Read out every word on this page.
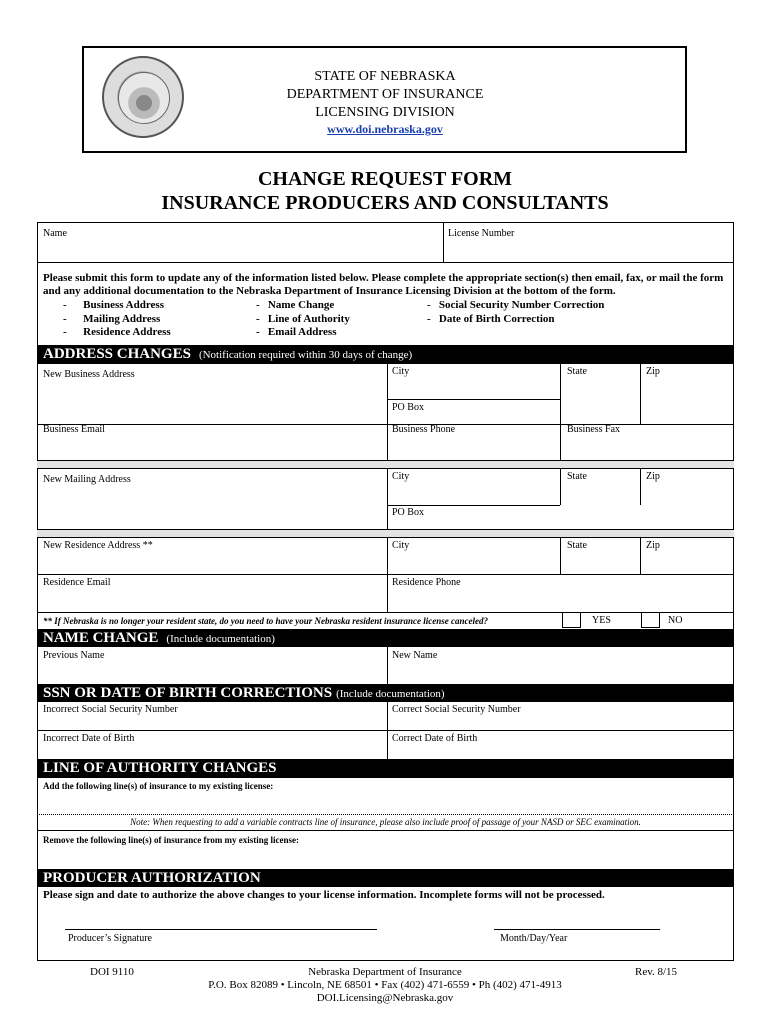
STATE OF NEBRASKA
DEPARTMENT OF INSURANCE
LICENSING DIVISION
www.doi.nebraska.gov
CHANGE REQUEST FORM
INSURANCE PRODUCERS AND CONSULTANTS
Name	License Number
Please submit this form to update any of the information listed below. Please complete the appropriate section(s) then email, fax, or mail the form and any additional documentation to the Nebraska Department of Insurance Licensing Division at the bottom of the form.
- Business Address
- Mailing Address
- Residence Address
- Name Change
- Line of Authority
- Email Address
- Social Security Number Correction
- Date of Birth Correction
ADDRESS CHANGES (Notification required within 30 days of change)
New Business Address	City	State	Zip
PO Box
Business Email	Business Phone	Business Fax
New Mailing Address	City	State	Zip
PO Box
New Residence Address **	City	State	Zip
Residence Email	Residence Phone
** If Nebraska is no longer your resident state, do you need to have your Nebraska resident insurance license canceled?	YES	NO
NAME CHANGE (Include documentation)
Previous Name	New Name
SSN OR DATE OF BIRTH CORRECTIONS (Include documentation)
Incorrect Social Security Number	Correct Social Security Number
Incorrect Date of Birth	Correct Date of Birth
LINE OF AUTHORITY CHANGES
Add the following line(s) of insurance to my existing license:
Note: When requesting to add a variable contracts line of insurance, please also include proof of passage of your NASD or SEC examination.
Remove the following line(s) of insurance from my existing license:
PRODUCER AUTHORIZATION
Please sign and date to authorize the above changes to your license information. Incomplete forms will not be processed.
Producer’s Signature	Month/Day/Year
DOI 9110	Nebraska Department of Insurance	Rev. 8/15
P.O. Box 82089 • Lincoln, NE 68501 • Fax (402) 471-6559 • Ph (402) 471-4913
DOI.Licensing@Nebraska.gov
